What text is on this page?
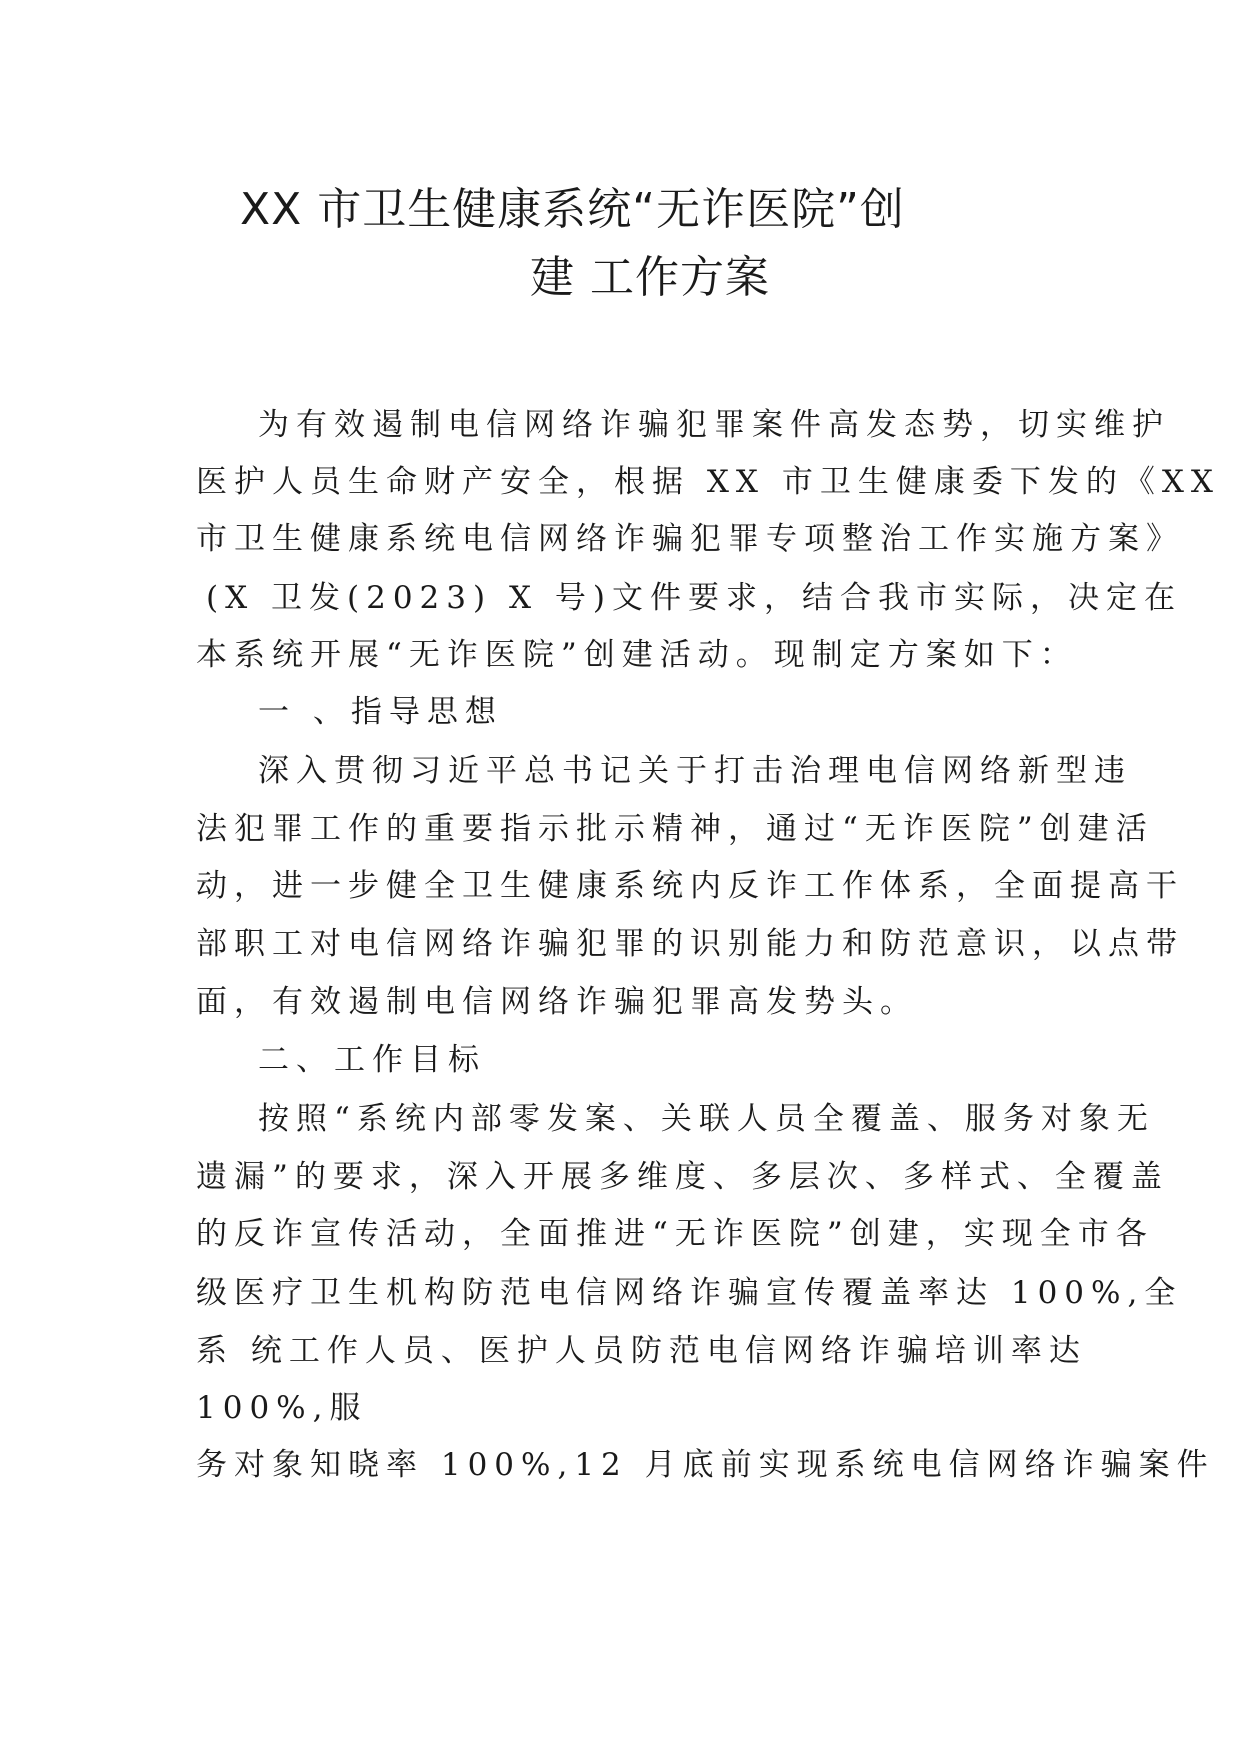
XX 市卫生健康系统“无诈医院”创
建 工作方案

为有效遏制电信网络诈骗犯罪案件高发态势，切实维护

医护人员生命财产安全，根据 XX 市卫生健康委下发的《XX

市卫生健康系统电信网络诈骗犯罪专项整治工作实施方案》

(X 卫发(2023) X 号)文件要求，结合我市实际，决定在

本系统开展“无诈医院”创建活动。现制定方案如下：

一 、指导思想

深入贯彻习近平总书记关于打击治理电信网络新型违

法犯罪工作的重要指示批示精神，通过“无诈医院”创建活

动，进一步健全卫生健康系统内反诈工作体系，全面提高干

部职工对电信网络诈骗犯罪的识别能力和防范意识，以点带

面，有效遏制电信网络诈骗犯罪高发势头。

二、工作目标

按照“系统内部零发案、关联人员全覆盖、服务对象无

遗漏”的要求，深入开展多维度、多层次、多样式、全覆盖

的反诈宣传活动，全面推进“无诈医院”创建，实现全市各

级医疗卫生机构防范电信网络诈骗宣传覆盖率达 100%,全

系 统工作人员、医护人员防范电信网络诈骗培训率达

100%,服

务对象知晓率 100%,12 月底前实现系统电信网络诈骗案件
